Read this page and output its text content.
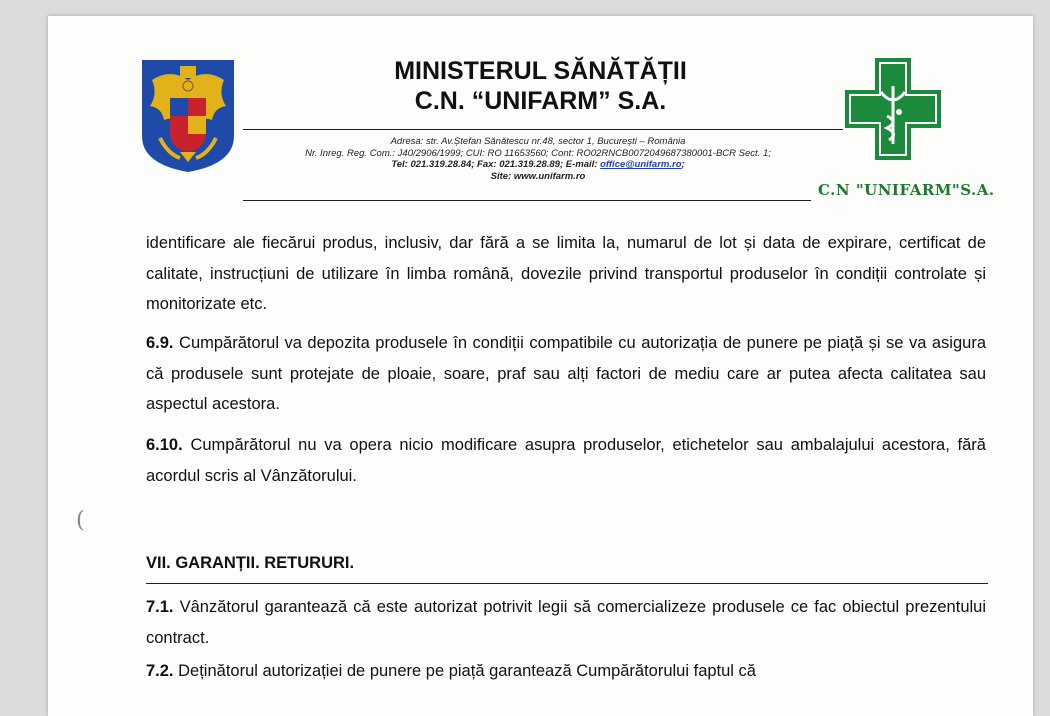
MINISTERUL SĂNĂTĂȚII
C.N. “UNIFARM” S.A.
Adresa: str. Av.Ștefan Sănătescu nr.48, sector 1, București – România
Nr. Inreg. Reg. Com.: J40/2906/1999; CUI: RO 11653560; Cont: RO02RNCB0072049687380001-BCR Sect. 1;
Tel: 021.319.28.84; Fax: 021.319.28.89; E-mail: office@unifarm.ro;
Site: www.unifarm.ro
C.N "UNIFARM"S.A.
identificare ale fiecărui produs, inclusiv, dar fără a se limita la, numarul de lot și data de expirare, certificat de calitate, instrucțiuni de utilizare în limba română, dovezile privind transportul produselor în condiții controlate și monitorizate etc.
6.9. Cumpărătorul va depozita produsele în condiții compatibile cu autorizația de punere pe piață și se va asigura că produsele sunt protejate de ploaie, soare, praf sau alți factori de mediu care ar putea afecta calitatea sau aspectul acestora.
6.10. Cumpărătorul nu va opera nicio modificare asupra produselor, etichetelor sau ambalajului acestora, fără acordul scris al Vânzătorului.
(
VII. GARANȚII. RETURURI.
7.1. Vânzătorul garantează că este autorizat potrivit legii să comercializeze produsele ce fac obiectul prezentului contract.
7.2. Deținătorul autorizației de punere pe piață garantează Cumpărătorului faptul că
